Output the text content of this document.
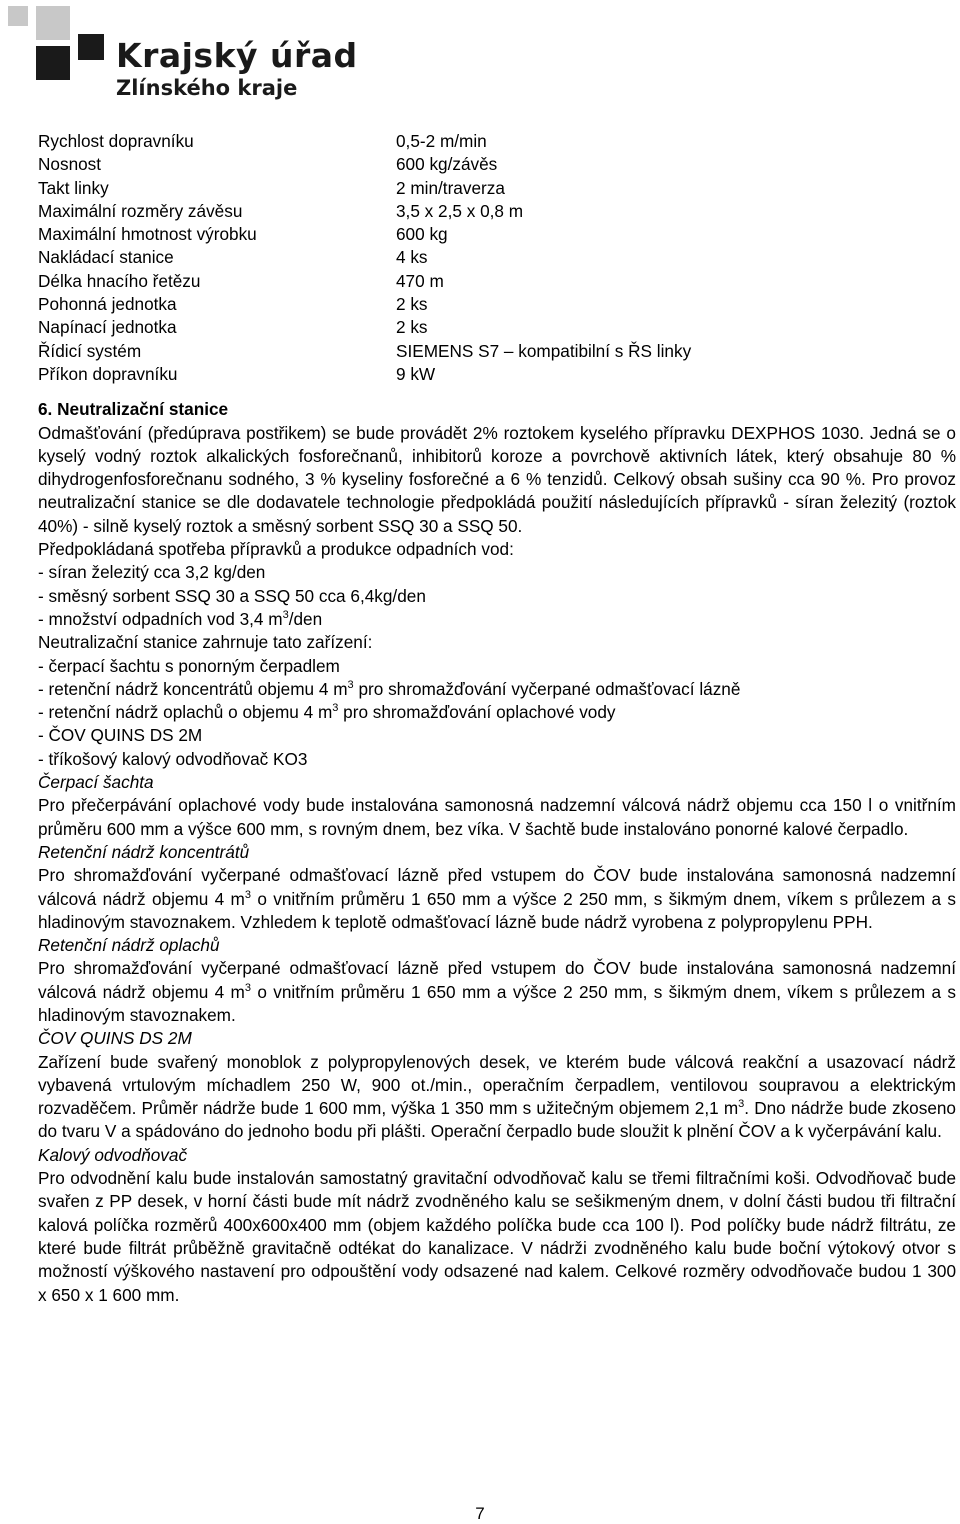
Krajský úřad
Zlínského kraje
Rychlost dopravníku	0,5-2 m/min
Nosnost	600 kg/závěs
Takt linky	2 min/traverza
Maximální rozměry závěsu	3,5 x 2,5 x 0,8 m
Maximální hmotnost výrobku	600 kg
Nakládací stanice	4 ks
Délka hnacího řetězu	470 m
Pohonná jednotka	2 ks
Napínací jednotka	2 ks
Řídicí systém	SIEMENS S7 – kompatibilní s ŘS linky
Příkon dopravníku	9 kW
6. Neutralizační stanice

Odmašťování (předúprava postřikem) se bude provádět 2% roztokem kyselého přípravku DEXPHOS 1030. Jedná se o kyselý vodný roztok alkalických fosforečnanů, inhibitorů koroze a povrchově aktivních látek, který obsahuje 80 % dihydrogenfosforečnanu sodného, 3 % kyseliny fosforečné a 6 % tenzidů. Celkový obsah sušiny cca 90 %. Pro provoz neutralizační stanice se dle dodavatele technologie předpokládá použití následujících přípravků - síran železitý (roztok 40%) - silně kyselý roztok a směsný sorbent SSQ 30 a SSQ 50.

Předpokládaná spotřeba přípravků a produkce odpadních vod:
- síran železitý cca 3,2 kg/den
- směsný sorbent SSQ 30 a SSQ 50 cca 6,4kg/den
- množství odpadních vod 3,4 $m^3$/den
Neutralizační stanice zahrnuje tato zařízení:
- čerpací šachtu s ponorným čerpadlem
- retenční nádrž koncentrátů objemu 4 $m^3$ pro shromažďování vyčerpané odmašťovací lázně
- retenční nádrž oplachů o objemu 4 $m^3$ pro shromažďování oplachové vody
- ČOV QUINS DS 2M
- tříkošový kalový odvodňovač KO3
Čerpací šachta

Pro přečerpávání oplachové vody bude instalována samonosná nadzemní válcová nádrž objemu cca 150 l o vnitřním průměru 600 mm a výšce 600 mm, s rovným dnem, bez víka. V šachtě bude instalováno ponorné kalové čerpadlo.

Retenční nádrž koncentrátů

Pro shromažďování vyčerpané odmašťovací lázně před vstupem do ČOV bude instalována samonosná nadzemní válcová nádrž objemu 4 $m^3$ o vnitřním průměru 1 650 mm a výšce 2 250 mm, s šikmým dnem, víkem s průlezem a s hladinovým stavoznakem. Vzhledem k teplotě odmašťovací lázně bude nádrž vyrobena z polypropylenu PPH.

Retenční nádrž oplachů

Pro shromažďování vyčerpané odmašťovací lázně před vstupem do ČOV bude instalována samonosná nadzemní válcová nádrž objemu 4 $m^3$ o vnitřním průměru 1 650 mm a výšce 2 250 mm, s šikmým dnem, víkem s průlezem a s hladinovým stavoznakem.

ČOV QUINS DS 2M

Zařízení bude svařený monoblok z polypropylenových desek, ve kterém bude válcová reakční a usazovací nádrž vybavená vrtulovým míchadlem 250 W, 900 ot./min., operačním čerpadlem, ventilovou soupravou a elektrickým rozvaděčem. Průměr nádrže bude 1 600 mm, výška 1 350 mm s užitečným objemem 2,1 $m^3$. Dno nádrže bude zkoseno do tvaru V a spádováno do jednoho bodu při plášti. Operační čerpadlo bude sloužit k plnění ČOV a k vyčerpávání kalu.

Kalový odvodňovač

Pro odvodnění kalu bude instalován samostatný gravitační odvodňovač kalu se třemi filtračními koši. Odvodňovač bude svařen z PP desek, v horní části bude mít nádrž zvodněného kalu se sešikmeným dnem, v dolní části budou tři filtrační kalová políčka rozměrů 400x600x400 mm (objem každého políčka bude cca 100 l). Pod políčky bude nádrž filtrátu, ze které bude filtrát průběžně gravitačně odtékat do kanalizace. V nádrži zvodněného kalu bude boční výtokový otvor s možností výškového nastavení pro odpouštění vody odsazené nad kalem. Celkové rozměry odvodňovače budou 1 300 x 650 x 1 600 mm.

7
